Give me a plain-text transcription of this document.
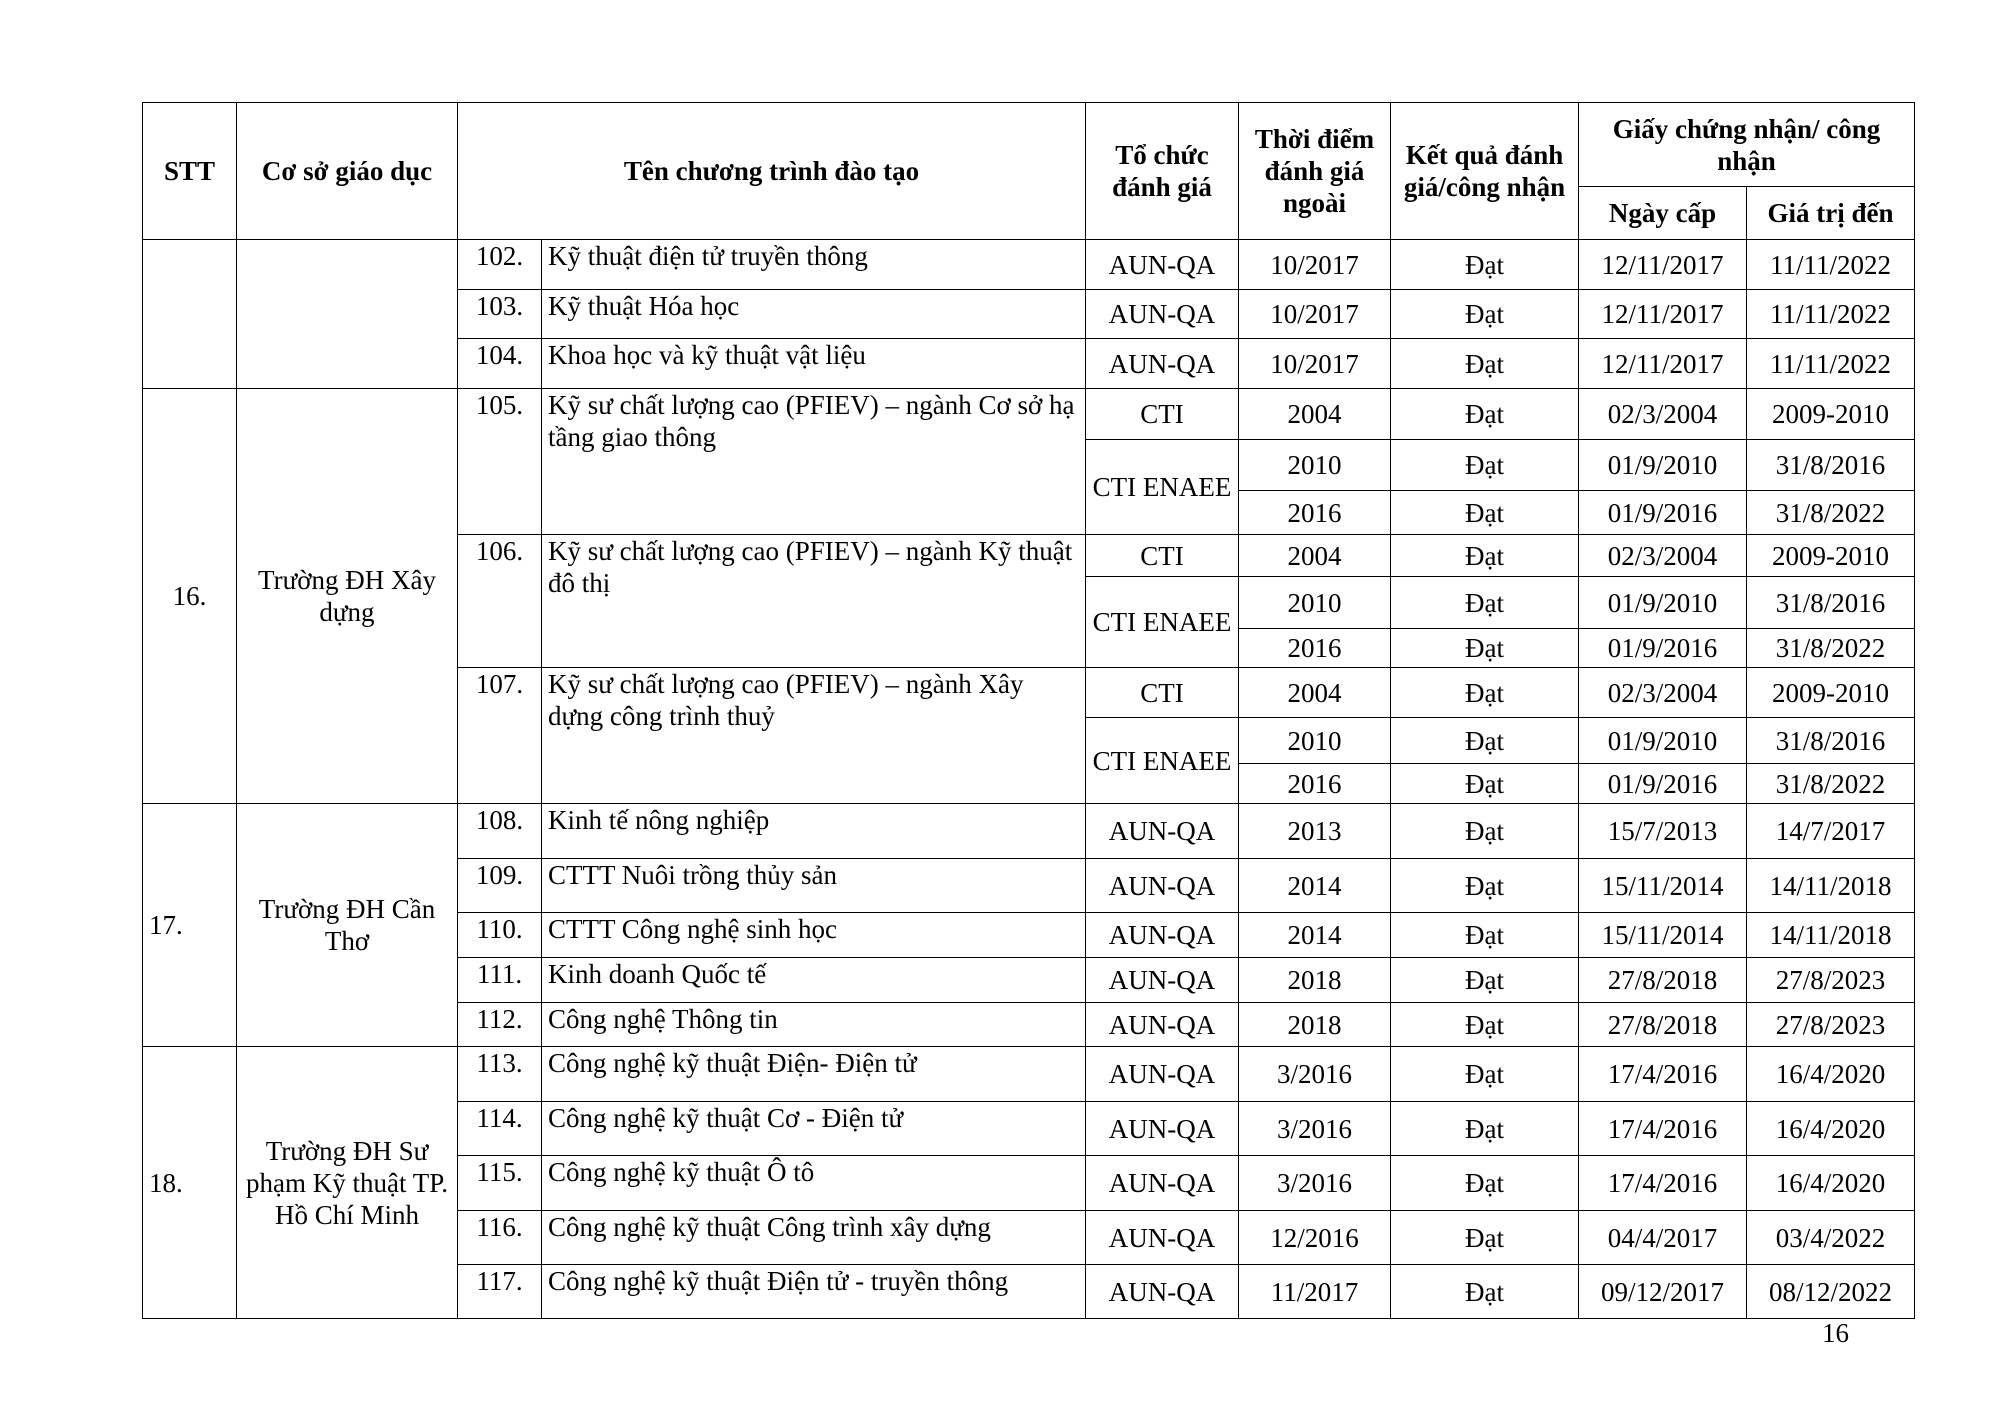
STT	Cơ sở giáo dục	Tên chương trình đào tạo		Tổ chức đánh giá	Thời điểm đánh giá ngoài	Kết quả đánh giá/công nhận	Giấy chứng nhận/ công nhận	
							Ngày cấp	Giá trị đến
		102.	Kỹ thuật điện tử truyền thông	AUN-QA	10/2017	Đạt	12/11/2017	11/11/2022
		103.	Kỹ thuật Hóa học	AUN-QA	10/2017	Đạt	12/11/2017	11/11/2022
		104.	Khoa học và kỹ thuật vật liệu	AUN-QA	10/2017	Đạt	12/11/2017	11/11/2022
16.	Trường ĐH Xây dựng	105.	Kỹ sư chất lượng cao (PFIEV) – ngành Cơ sở hạ tầng giao thông	CTI	2004	Đạt	02/3/2004	2009-2010
				CTI ENAEE	2010	Đạt	01/9/2010	31/8/2016
					2016	Đạt	01/9/2016	31/8/2022
		106.	Kỹ sư chất lượng cao (PFIEV) – ngành Kỹ thuật đô thị	CTI	2004	Đạt	02/3/2004	2009-2010
				CTI ENAEE	2010	Đạt	01/9/2010	31/8/2016
					2016	Đạt	01/9/2016	31/8/2022
		107.	Kỹ sư chất lượng cao (PFIEV) – ngành Xây dựng công trình thuỷ	CTI	2004	Đạt	02/3/2004	2009-2010
				CTI ENAEE	2010	Đạt	01/9/2010	31/8/2016
					2016	Đạt	01/9/2016	31/8/2022
17.	Trường ĐH Cần Thơ	108.	Kinh tế nông nghiệp	AUN-QA	2013	Đạt	15/7/2013	14/7/2017
		109.	CTTT Nuôi trồng thủy sản	AUN-QA	2014	Đạt	15/11/2014	14/11/2018
		110.	CTTT Công nghệ sinh học	AUN-QA	2014	Đạt	15/11/2014	14/11/2018
		111.	Kinh doanh Quốc tế	AUN-QA	2018	Đạt	27/8/2018	27/8/2023
		112.	Công nghệ Thông tin	AUN-QA	2018	Đạt	27/8/2018	27/8/2023
18.	Trường ĐH Sư phạm Kỹ thuật TP. Hồ Chí Minh	113.	Công nghệ kỹ thuật Điện- Điện tử	AUN-QA	3/2016	Đạt	17/4/2016	16/4/2020
		114.	Công nghệ kỹ thuật Cơ - Điện tử	AUN-QA	3/2016	Đạt	17/4/2016	16/4/2020
		115.	Công nghệ kỹ thuật Ô tô	AUN-QA	3/2016	Đạt	17/4/2016	16/4/2020
		116.	Công nghệ kỹ thuật Công trình xây dựng	AUN-QA	12/2016	Đạt	04/4/2017	03/4/2022
		117.	Công nghệ kỹ thuật Điện tử - truyền thông	AUN-QA	11/2017	Đạt	09/12/2017	08/12/2022
16
